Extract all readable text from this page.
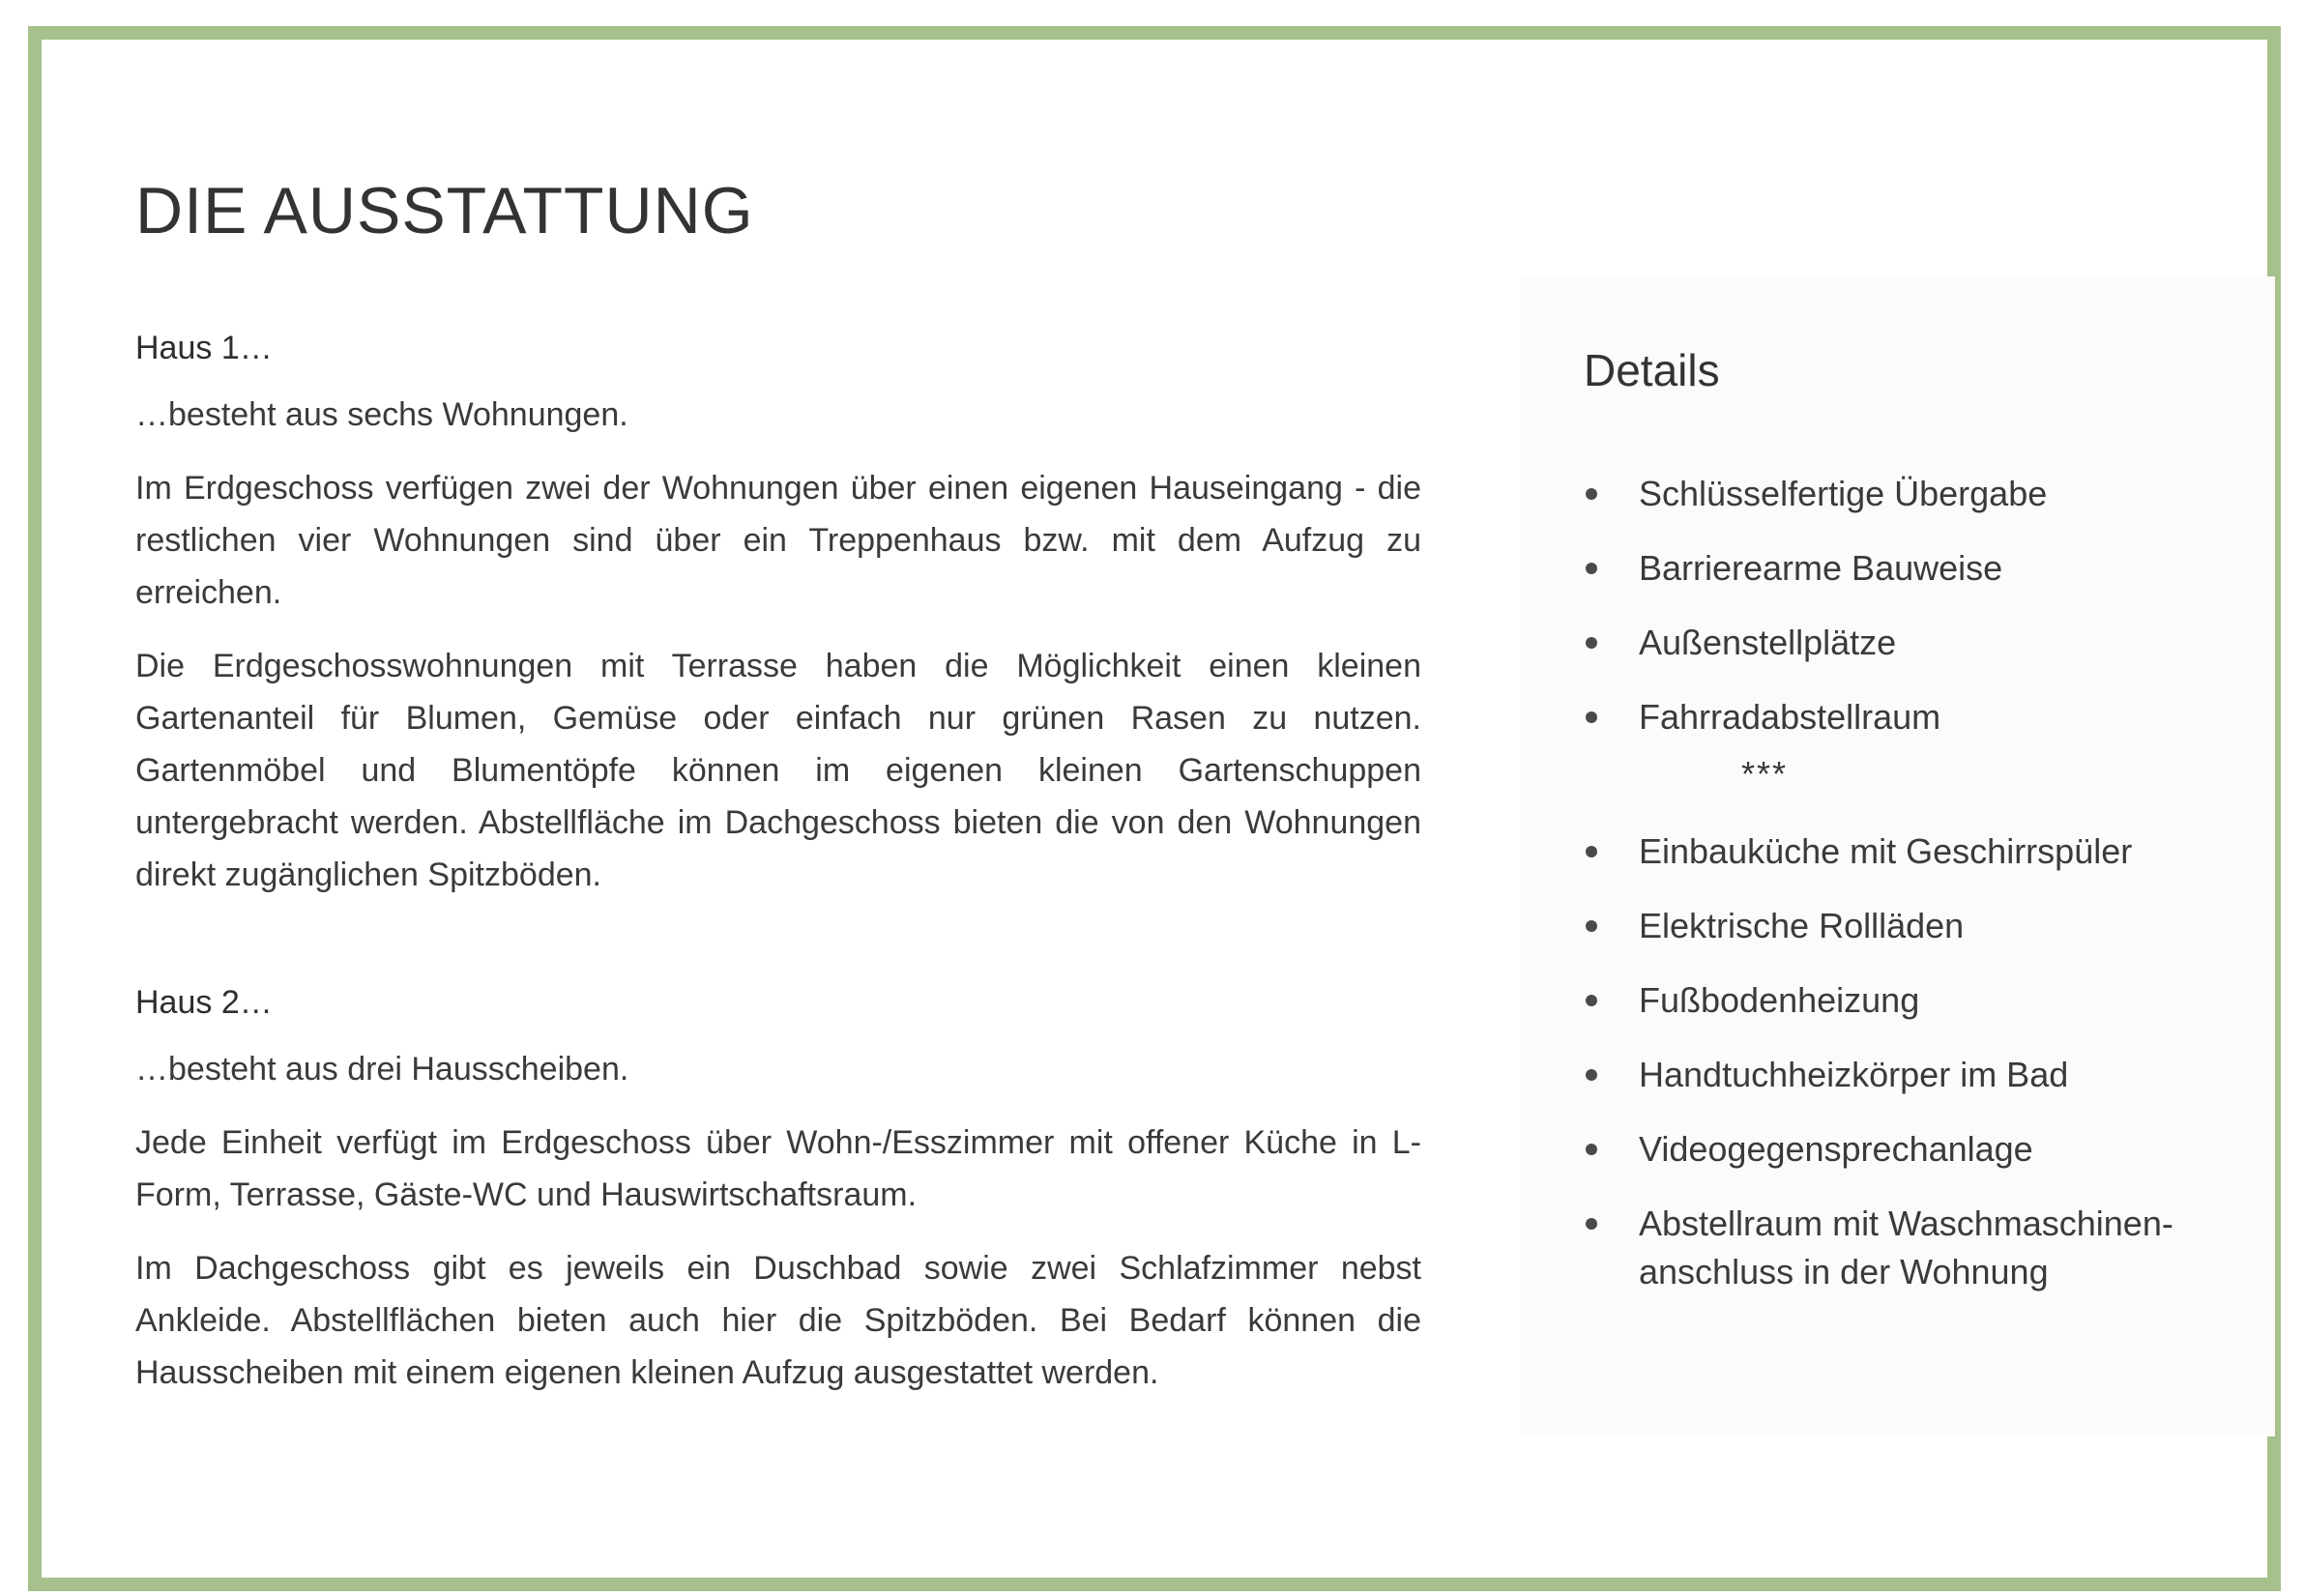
DIE AUSSTATTUNG
Haus 1…

…besteht aus sechs Wohnungen.

Im Erdgeschoss verfügen zwei der Wohnungen über einen eigenen Hauseingang - die restlichen vier Wohnungen sind über ein Treppenhaus bzw. mit dem Aufzug zu erreichen.

Die Erdgeschosswohnungen mit Terrasse haben die Möglichkeit einen kleinen Gartenanteil für Blumen, Gemüse oder einfach nur grünen Rasen zu nutzen. Gartenmöbel und Blumentöpfe können im eigenen kleinen Gartenschuppen untergebracht werden. Abstellfläche im Dachgeschoss bieten die von den Wohnungen direkt zugänglichen Spitzböden.

Haus 2…

…besteht aus drei Hausscheiben.

Jede Einheit verfügt im Erdgeschoss über Wohn-/Esszimmer mit offener Küche in L-Form, Terrasse, Gäste-WC und Hauswirtschaftsraum.

Im Dachgeschoss gibt es jeweils ein Duschbad sowie zwei Schlafzimmer nebst Ankleide. Abstellflächen bieten auch hier die Spitzböden. Bei Bedarf können die Hausscheiben mit einem eigenen kleinen Aufzug ausgestattet werden.

Details
Schlüsselfertige Übergabe
Barrierearme Bauweise
Außenstellplätze
Fahrradabstellraum
***
Einbauküche mit Geschirrspüler
Elektrische Rollläden
Fußbodenheizung
Handtuchheizkörper im Bad
Videogegensprechanlage
Abstellraum mit Waschmaschinen-anschluss in der Wohnung
